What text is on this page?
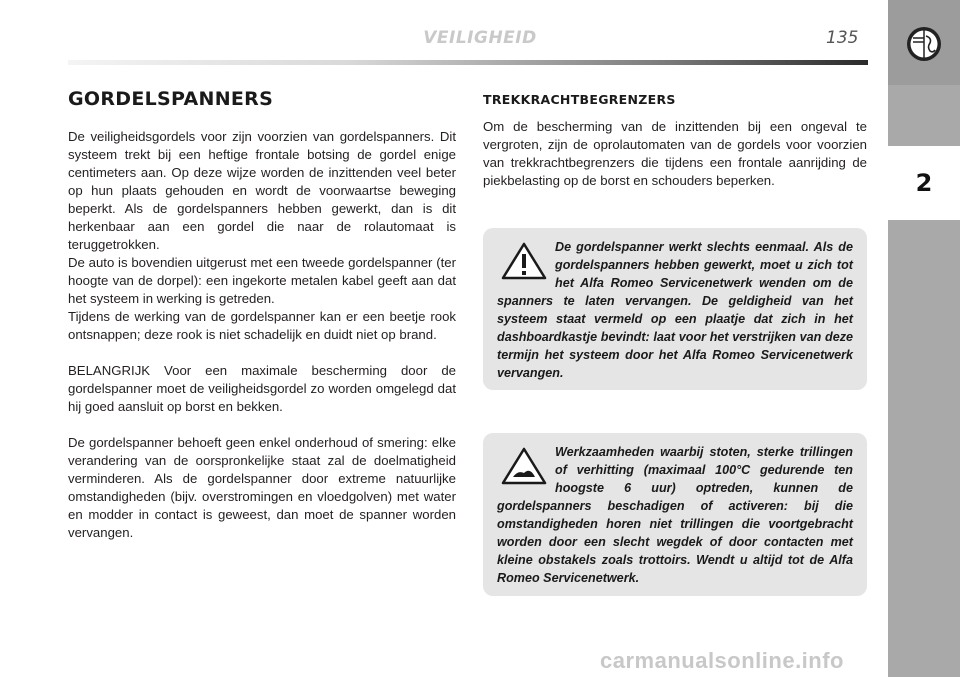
VEILIGHEID	135
2
GORDELSPANNERS

De veiligheidsgordels voor zijn voorzien van gordelspanners. Dit systeem trekt bij een heftige frontale botsing de gordel enige centimeters aan. Op deze wijze worden de inzittenden veel beter op hun plaats gehouden en wordt de voorwaartse beweging beperkt. Als de gordelspanners hebben gewerkt, dan is dit herkenbaar aan een gordel die naar de rolautomaat is teruggetrokken.

De auto is bovendien uitgerust met een tweede gordelspanner (ter hoogte van de dorpel): een ingekorte metalen kabel geeft aan dat het systeem in werking is getreden.

Tijdens de werking van de gordelspanner kan er een beetje rook ontsnappen; deze rook is niet schadelijk en duidt niet op brand.

BELANGRIJK Voor een maximale bescherming door de gordelspanner moet de veiligheidsgordel zo worden omgelegd dat hij goed aansluit op borst en bekken.

De gordelspanner behoeft geen enkel onderhoud of smering: elke verandering van de oorspronkelijke staat zal de doelmatigheid verminderen. Als de gordelspanner door extreme natuurlijke omstandigheden (bijv. overstromingen en vloedgolven) met water en modder in contact is geweest, dan moet de spanner worden vervangen.

TREKKRACHTBEGRENZERS

Om de bescherming van de inzittenden bij een ongeval te vergroten, zijn de oprolautomaten van de gordels voor voorzien van trekkrachtbegrenzers die tijdens een frontale aanrijding de piekbelasting op de borst en schouders beperken.

De gordelspanner werkt slechts eenmaal. Als de gordelspanners hebben gewerkt, moet u zich tot het Alfa Romeo Servicenetwerk wenden om de spanners te laten vervangen. De geldigheid van het systeem staat vermeld op een plaatje dat zich in het dashboardkastje bevindt: laat voor het verstrijken van deze termijn het systeem door het Alfa Romeo Servicenetwerk vervangen.

Werkzaamheden waarbij stoten, sterke trillingen of verhitting (maximaal 100°C gedurende ten hoogste 6 uur) optreden, kunnen de gordelspanners beschadigen of activeren: bij die omstandigheden horen niet trillingen die voortgebracht worden door een slecht wegdek of door contacten met kleine obstakels zoals trottoirs. Wendt u altijd tot de Alfa Romeo Servicenetwerk.

carmanualsonline.info
